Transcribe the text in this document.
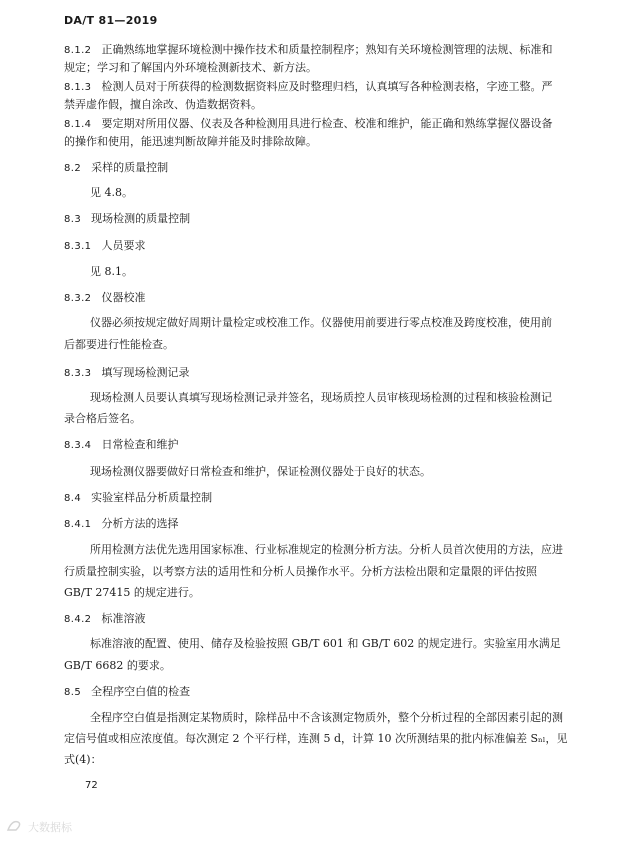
DA/T 81—2019
8.1.2 正确熟练地掌握环境检测中操作技术和质量控制程序；熟知有关环境检测管理的法规、标准和
规定；学习和了解国内外环境检测新技术、新方法。
8.1.3 检测人员对于所获得的检测数据资料应及时整理归档，认真填写各种检测表格，字迹工整。严
禁弄虚作假，擅自涂改、伪造数据资料。
8.1.4 要定期对所用仪器、仪表及各种检测用具进行检查、校准和维护，能正确和熟练掌握仪器设备
的操作和使用，能迅速判断故障并能及时排除故障。
8.2 采样的质量控制
见 4.8。
8.3 现场检测的质量控制
8.3.1 人员要求
见 8.1。
8.3.2 仪器校准
仪器必须按规定做好周期计量检定或校准工作。仪器使用前要进行零点校准及跨度校准，使用前
后都要进行性能检查。
8.3.3 填写现场检测记录
现场检测人员要认真填写现场检测记录并签名，现场质控人员审核现场检测的过程和核验检测记
录合格后签名。
8.3.4 日常检查和维护
现场检测仪器要做好日常检查和维护，保证检测仪器处于良好的状态。
8.4 实验室样品分析质量控制
8.4.1 分析方法的选择
所用检测方法优先选用国家标准、行业标准规定的检测分析方法。分析人员首次使用的方法，应进
行质量控制实验，以考察方法的适用性和分析人员操作水平。分析方法检出限和定量限的评估按照
GB/T 27415 的规定进行。
8.4.2 标准溶液
标准溶液的配置、使用、储存及检验按照 GB/T 601 和 GB/T 602 的规定进行。实验室用水满足
GB/T 6682 的要求。
8.5 全程序空白值的检查
全程序空白值是指测定某物质时，除样品中不含该测定物质外，整个分析过程的全部因素引起的测
定信号值或相应浓度值。每次测定 2 个平行样，连测 5 d，计算 10 次所测结果的批内标准偏差 Sₙₗ，见
式(4)：
72
大数据标
